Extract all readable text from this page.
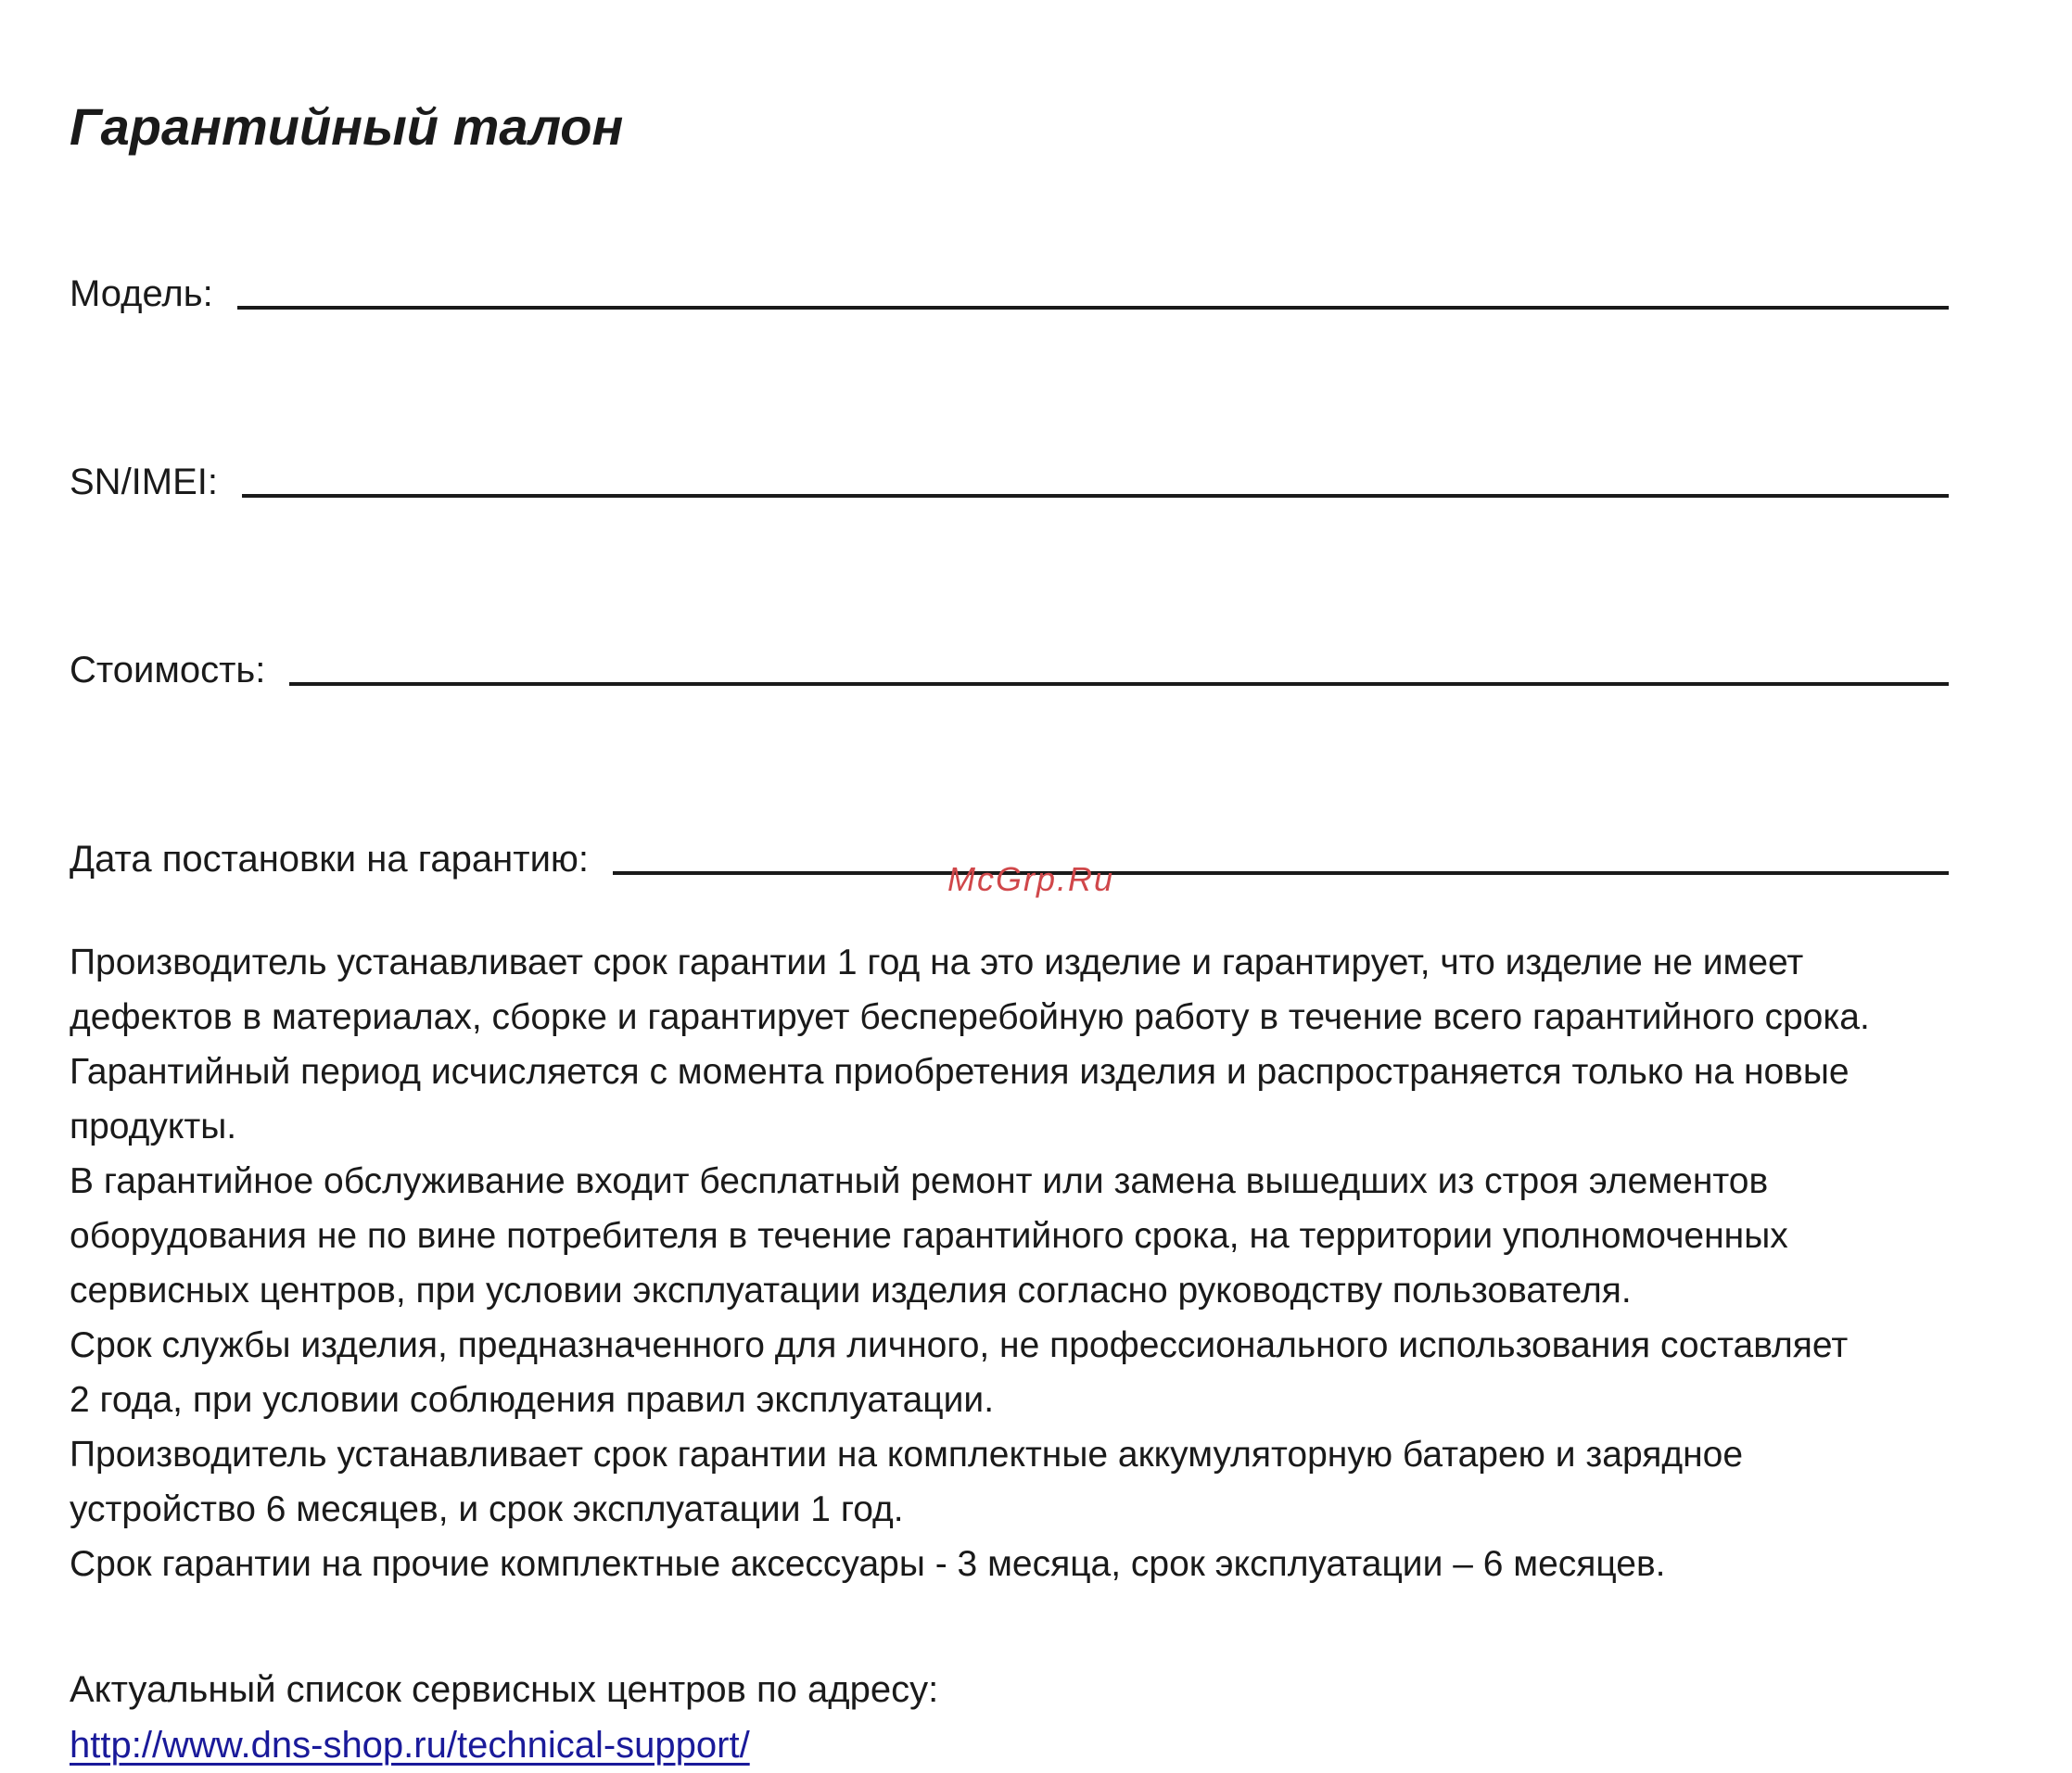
Гарантийный талон
Модель:
SN/IMEI:
Стоимость:
Дата постановки на гарантию:	McGrp.Ru

Производитель устанавливает срок гарантии 1 год на это изделие и гарантирует, что изделие не имеет
дефектов в материалах, сборке и гарантирует бесперебойную работу в течение всего гарантийного срока.
Гарантийный период исчисляется с момента приобретения изделия и распространяется только на новые
продукты.

В гарантийное обслуживание входит бесплатный ремонт или замена вышедших из строя элементов
оборудования не по вине потребителя в течение гарантийного срока, на территории уполномоченных
сервисных центров, при условии эксплуатации изделия согласно руководству пользователя.

Срок службы изделия, предназначенного для личного, не профессионального использования составляет
2 года, при условии соблюдения правил эксплуатации.

Производитель устанавливает срок гарантии на комплектные аккумуляторную батарею и зарядное
устройство 6 месяцев, и срок эксплуатации 1 год.

Срок гарантии на прочие комплектные аксессуары - 3 месяца, срок эксплуатации – 6 месяцев.

Актуальный список сервисных центров по адресу:
http://www.dns-shop.ru/technical-support/
